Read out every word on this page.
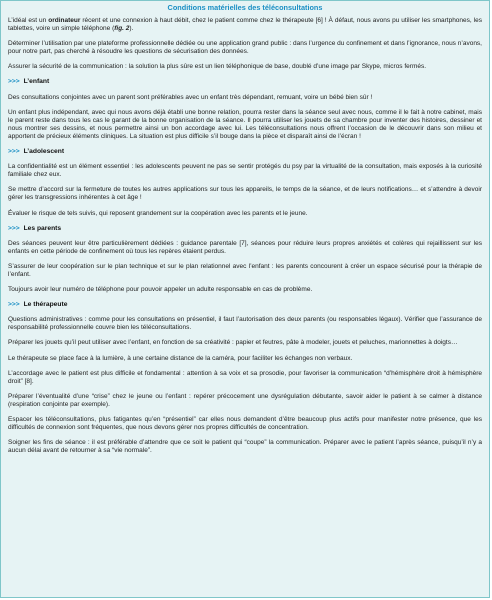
Conditions matérielles des téléconsultations

L’idéal est un ordinateur récent et une connexion à haut débit, chez le patient comme chez le thérapeute [6] ! À défaut, nous avons pu utiliser les smartphones, les tablettes, voire un simple téléphone (fig. 2).

Déterminer l’utilisation par une plateforme professionnelle dédiée ou une application grand public : dans l’urgence du confinement et dans l’ignorance, nous n’avons, pour notre part, pas cherché à résoudre les questions de sécurisation des données.

Assurer la sécurité de la communication : la solution la plus sûre est un lien téléphonique de base, doublé d’une image par Skype, micros fermés.

>>> L’enfant

Des consultations conjointes avec un parent sont préférables avec un enfant très dépendant, remuant, voire un bébé bien sûr !

Un enfant plus indépendant, avec qui nous avons déjà établi une bonne relation, pourra rester dans la séance seul avec nous, comme il le fait à notre cabinet, mais le parent reste dans tous les cas le garant de la bonne organisation de la séance. Il pourra utiliser les jouets de sa chambre pour inventer des histoires, dessiner et nous montrer ses dessins, et nous permettre ainsi un bon accordage avec lui. Les téléconsultations nous offrent l’occasion de le découvrir dans son milieu et apportent de précieux éléments cliniques. La situation est plus difficile s’il bouge dans la pièce et disparaît ainsi de l’écran !

>>> L’adolescent

La confidentialité est un élément essentiel : les adolescents peuvent ne pas se sentir protégés du psy par la virtualité de la consultation, mais exposés à la curiosité familiale chez eux.

Se mettre d’accord sur la fermeture de toutes les autres applications sur tous les appareils, le temps de la séance, et de leurs notifications… et s’attendre à devoir gérer les transgressions inhérentes à cet âge !

Évaluer le risque de tels suivis, qui reposent grandement sur la coopération avec les parents et le jeune.

>>> Les parents

Des séances peuvent leur être particulièrement dédiées : guidance parentale [7], séances pour réduire leurs propres anxiétés et colères qui rejaillissent sur les enfants en cette période de confinement où tous les repères étaient perdus.

S’assurer de leur coopération sur le plan technique et sur le plan relationnel avec l’enfant : les parents concourent à créer un espace sécurisé pour la thérapie de l’enfant.

Toujours avoir leur numéro de téléphone pour pouvoir appeler un adulte responsable en cas de problème.

>>> Le thérapeute

Questions administratives : comme pour les consultations en présentiel, il faut l’autorisation des deux parents (ou responsables légaux). Vérifier que l’assurance de responsabilité professionnelle couvre bien les téléconsultations.

Préparer les jouets qu’il peut utiliser avec l’enfant, en fonction de sa créativité : papier et feutres, pâte à modeler, jouets et peluches, marionnettes à doigts…

Le thérapeute se place face à la lumière, à une certaine distance de la caméra, pour faciliter les échanges non verbaux.

L’accordage avec le patient est plus difficile et fondamental : attention à sa voix et sa prosodie, pour favoriser la communication “d’hémisphère droit à hémisphère droit” [8].

Préparer l’éventualité d’une “crise” chez le jeune ou l’enfant : repérer précocement une dysrégulation débutante, savoir aider le patient à se calmer à distance (respiration conjointe par exemple).

Espacer les téléconsultations, plus fatigantes qu’en “présentiel” car elles nous demandent d’être beaucoup plus actifs pour manifester notre présence, que les difficultés de connexion sont fréquentes, que nous devons gérer nos propres difficultés de concentration.

Soigner les fins de séance : il est préférable d’attendre que ce soit le patient qui “coupe” la communication. Préparer avec le patient l’après séance, puisqu’il n’y a aucun délai avant de retourner à sa “vie normale”.
